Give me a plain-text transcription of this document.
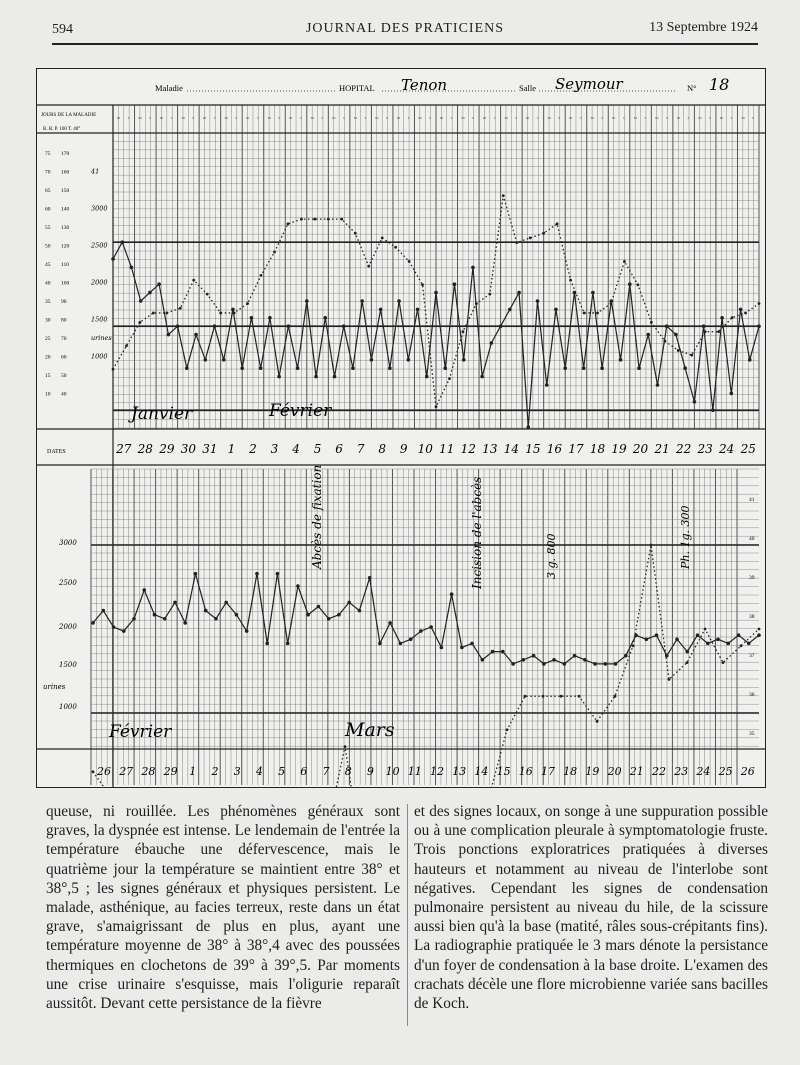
594	JOURNAL DES PRATICIENS	13 Septembre 1924
m s m s m s m s m s m s m s m s m s m s m s m s m s m s m s m s m s m s m s m s m s m s m s m s m s m s m s m s m s m s
Maladie	HOPITAL Tenon	Salle Seymour	N° 18
JOURS DE LA MALADIE
R. R. P. 100 T. 40°
DATES
75 170
70 160	41
65 150
60 140	3000
55 130
50 120	2500
45 110
40 100	2000
35 90
30 80	1500
25 70	urines
20 60	1000
15 50
10 40
27 28 29 30 31 1 2 3 4 5 6 7 8 9 10 11 12 13 14 15 16 17 18 19 20 21 22 23 24 25
Janvier	Février
3000
2500
2000
1500
urines
1000
41
40
39
38
37
36
35
26 27 28 29 1 2 3 4 5 6 7 8 9 10 11 12 13 14 15 16 17 18 19 20 21 22 23 24 25 26
Février	Mars
Abcès de fixation	Incision de l'abcès	3 g. 800	Ph. 1g. 300
queuse, ni rouillée. Les phénomènes généraux sont graves, la dyspnée est intense. Le lendemain de l'entrée la température ébauche une défervescence, mais le quatrième jour la température se maintient entre 38° et 38°,5 ; les signes généraux et physiques persistent. Le malade, asthénique, au facies terreux, reste dans un état grave, s'amaigrissant de plus en plus, ayant une température moyenne de 38° à 38°,4 avec des poussées thermiques en clochetons de 39° à 39°,5. Par moments une crise urinaire s'esquisse, mais l'oligurie reparaît aussitôt. Devant cette persistance de la fièvre
et des signes locaux, on songe à une suppuration possible ou à une complication pleurale à symptomatologie fruste. Trois ponctions exploratrices pratiquées à diverses hauteurs et notamment au niveau de l'interlobe sont négatives. Cependant les signes de condensation pulmonaire persistent au niveau du hile, de la scissure aussi bien qu'à la base (matité, râles sous-crépitants fins). La radiographie pratiquée le 3 mars dénote la persistance d'un foyer de condensation à la base droite. L'examen des crachats décèle une flore microbienne variée sans bacilles de Koch.
